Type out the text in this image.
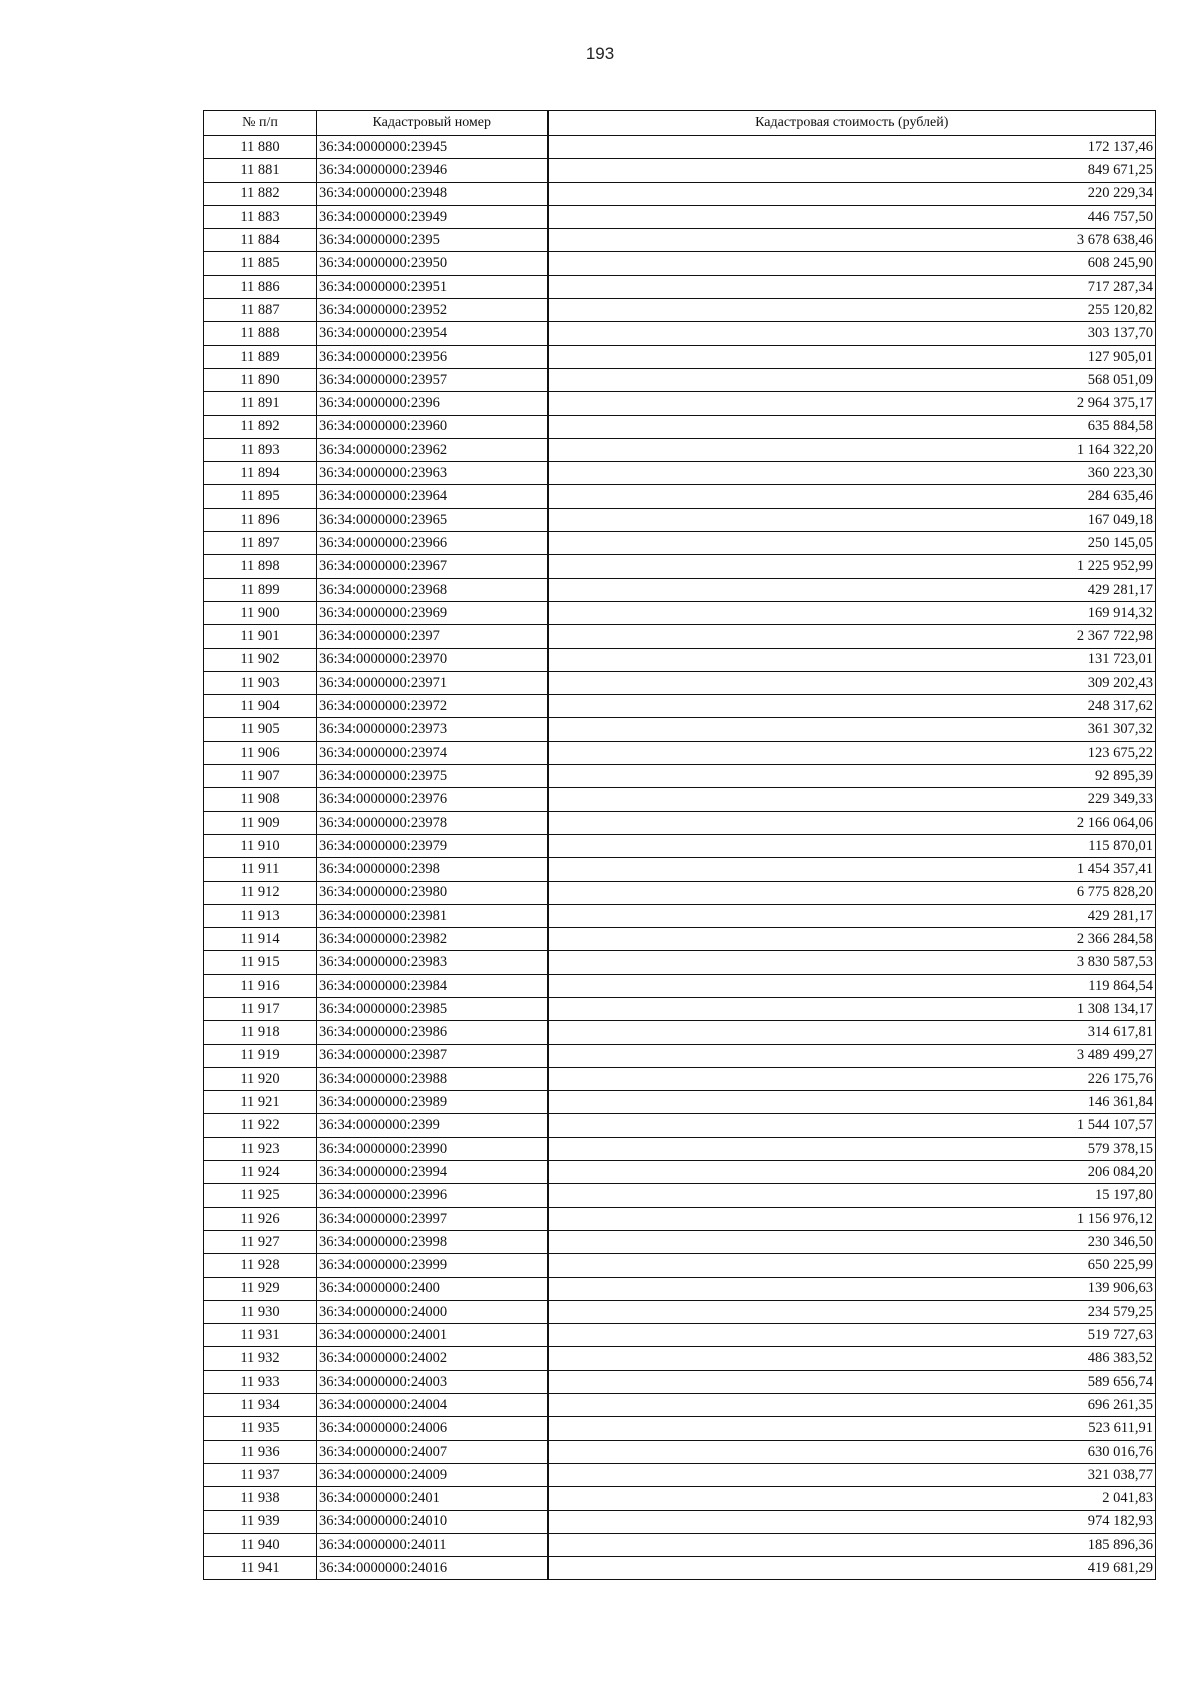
193
№ п/п	Кадастровый номер	Кадастровая стоимость (рублей)
11 880	36:34:0000000:23945	172 137,46
11 881	36:34:0000000:23946	849 671,25
11 882	36:34:0000000:23948	220 229,34
11 883	36:34:0000000:23949	446 757,50
11 884	36:34:0000000:2395	3 678 638,46
11 885	36:34:0000000:23950	608 245,90
11 886	36:34:0000000:23951	717 287,34
11 887	36:34:0000000:23952	255 120,82
11 888	36:34:0000000:23954	303 137,70
11 889	36:34:0000000:23956	127 905,01
11 890	36:34:0000000:23957	568 051,09
11 891	36:34:0000000:2396	2 964 375,17
11 892	36:34:0000000:23960	635 884,58
11 893	36:34:0000000:23962	1 164 322,20
11 894	36:34:0000000:23963	360 223,30
11 895	36:34:0000000:23964	284 635,46
11 896	36:34:0000000:23965	167 049,18
11 897	36:34:0000000:23966	250 145,05
11 898	36:34:0000000:23967	1 225 952,99
11 899	36:34:0000000:23968	429 281,17
11 900	36:34:0000000:23969	169 914,32
11 901	36:34:0000000:2397	2 367 722,98
11 902	36:34:0000000:23970	131 723,01
11 903	36:34:0000000:23971	309 202,43
11 904	36:34:0000000:23972	248 317,62
11 905	36:34:0000000:23973	361 307,32
11 906	36:34:0000000:23974	123 675,22
11 907	36:34:0000000:23975	92 895,39
11 908	36:34:0000000:23976	229 349,33
11 909	36:34:0000000:23978	2 166 064,06
11 910	36:34:0000000:23979	115 870,01
11 911	36:34:0000000:2398	1 454 357,41
11 912	36:34:0000000:23980	6 775 828,20
11 913	36:34:0000000:23981	429 281,17
11 914	36:34:0000000:23982	2 366 284,58
11 915	36:34:0000000:23983	3 830 587,53
11 916	36:34:0000000:23984	119 864,54
11 917	36:34:0000000:23985	1 308 134,17
11 918	36:34:0000000:23986	314 617,81
11 919	36:34:0000000:23987	3 489 499,27
11 920	36:34:0000000:23988	226 175,76
11 921	36:34:0000000:23989	146 361,84
11 922	36:34:0000000:2399	1 544 107,57
11 923	36:34:0000000:23990	579 378,15
11 924	36:34:0000000:23994	206 084,20
11 925	36:34:0000000:23996	15 197,80
11 926	36:34:0000000:23997	1 156 976,12
11 927	36:34:0000000:23998	230 346,50
11 928	36:34:0000000:23999	650 225,99
11 929	36:34:0000000:2400	139 906,63
11 930	36:34:0000000:24000	234 579,25
11 931	36:34:0000000:24001	519 727,63
11 932	36:34:0000000:24002	486 383,52
11 933	36:34:0000000:24003	589 656,74
11 934	36:34:0000000:24004	696 261,35
11 935	36:34:0000000:24006	523 611,91
11 936	36:34:0000000:24007	630 016,76
11 937	36:34:0000000:24009	321 038,77
11 938	36:34:0000000:2401	2 041,83
11 939	36:34:0000000:24010	974 182,93
11 940	36:34:0000000:24011	185 896,36
11 941	36:34:0000000:24016	419 681,29
